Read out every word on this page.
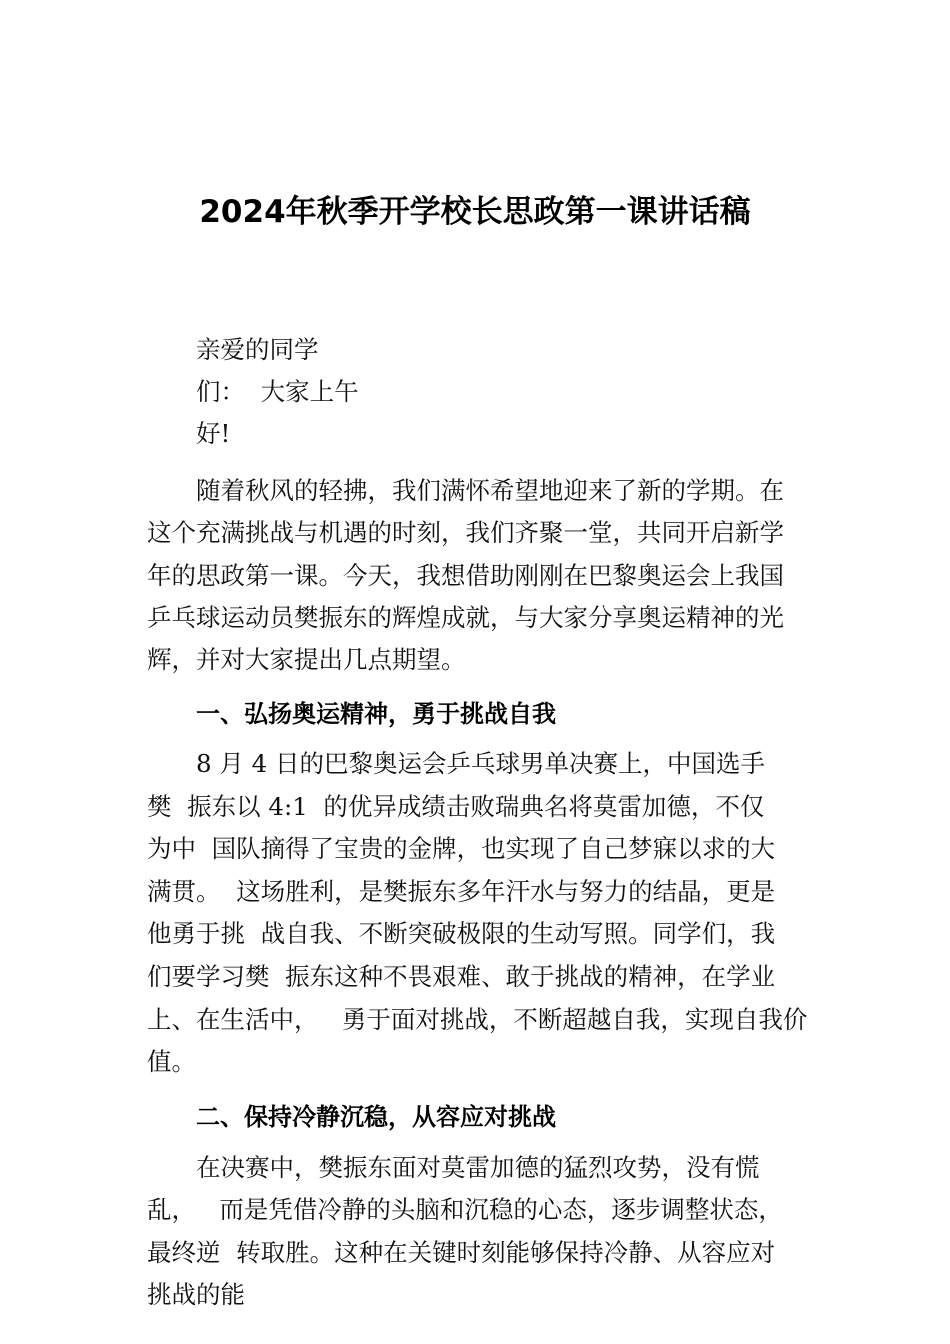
2024年秋季开学校长思政第一课讲话稿

亲爱的同学

们：  大家上午

好!

随着秋风的轻拂，我们满怀希望地迎来了新的学期。在

这个充满挑战与机遇的时刻，我们齐聚一堂，共同开启新学

年的思政第一课。今天，我想借助刚刚在巴黎奥运会上我国

乒乓球运动员樊振东的辉煌成就，与大家分享奥运精神的光

辉，并对大家提出几点期望。

一、弘扬奥运精神，勇于挑战自我

8 月 4 日的巴黎奥运会乒乓球男单决赛上，中国选手

樊  振东以 4:1  的优异成绩击败瑞典名将莫雷加德，不仅

为中  国队摘得了宝贵的金牌，也实现了自己梦寐以求的大

满贯。  这场胜利，是樊振东多年汗水与努力的结晶，更是

他勇于挑  战自我、不断突破极限的生动写照。同学们，我

们要学习樊  振东这种不畏艰难、敢于挑战的精神，在学业

上、在生活中，   勇于面对挑战，不断超越自我，实现自我价

值。

二、保持冷静沉稳，从容应对挑战

在决赛中，樊振东面对莫雷加德的猛烈攻势，没有慌

乱，   而是凭借冷静的头脑和沉稳的心态，逐步调整状态，

最终逆  转取胜。这种在关键时刻能够保持冷静、从容应对

挑战的能
